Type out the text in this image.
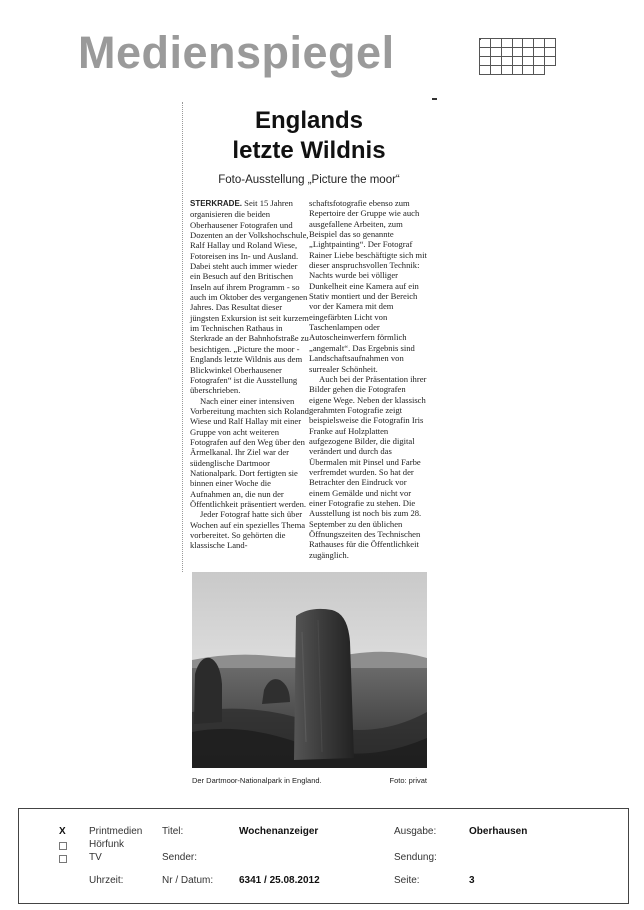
Medienspiegel
Englands
letzte Wildnis
Foto-Ausstellung „Picture the moor“

STERKRADE. Seit 15 Jahren organisieren die beiden Oberhausener Fotografen und Dozenten an der Volkshochschule, Ralf Hallay und Roland Wiese, Fotoreisen ins In- und Ausland. Dabei steht auch immer wieder ein Besuch auf den Britischen Inseln auf ihrem Programm - so auch im Oktober des vergangenen Jahres. Das Resultat dieser jüngsten Exkursion ist seit kurzem im Technischen Rathaus in Sterkrade an der Bahnhofstraße zu besichtigen. „Picture the moor - Englands letzte Wildnis aus dem Blickwinkel Oberhausener Fotografen“ ist die Ausstellung überschrieben.

Nach einer einer intensiven Vorbereitung machten sich Roland Wiese und Ralf Hallay mit einer Gruppe von acht weiteren Fotografen auf den Weg über den Ärmelkanal. Ihr Ziel war der südenglische Dartmoor Nationalpark. Dort fertigten sie binnen einer Woche die Aufnahmen an, die nun der Öffentlichkeit präsentiert werden.

Jeder Fotograf hatte sich über Wochen auf ein spezielles Thema vorbereitet. So gehörten die klassische Land-

schaftsfotografie ebenso zum Repertoire der Gruppe wie auch ausgefallene Arbeiten, zum Beispiel das so genannte „Lightpainting“. Der Fotograf Rainer Liebe beschäftigte sich mit dieser anspruchsvollen Technik: Nachts wurde bei völliger Dunkelheit eine Kamera auf ein Stativ montiert und der Bereich vor der Kamera mit dem eingefärbten Licht von Taschenlampen oder Autoscheinwerfern förmlich „angemalt“. Das Ergebnis sind Landschaftsaufnahmen von surrealer Schönheit.

Auch bei der Präsentation ihrer Bilder gehen die Fotografen eigene Wege. Neben der klassisch gerahmten Fotografie zeigt beispielsweise die Fotografin Iris Franke auf Holzplatten aufgezogene Bilder, die digital verändert und durch das Übermalen mit Pinsel und Farbe verfremdet wurden. So hat der Betrachter den Eindruck vor einem Gemälde und nicht vor einer Fotografie zu stehen. Die Ausstellung ist noch bis zum 28. September zu den üblichen Öffnungszeiten des Technischen Rathauses für die Öffentlichkeit zugänglich.

Der Dartmoor-Nationalpark in England.	Foto: privat
X Printmedien
Hörfunk
TV
Uhrzeit:
Titel:	Wochenanzeiger
Sender:
Nr / Datum:	6341 / 25.08.2012
Ausgabe:	Oberhausen
Sendung:
Seite:	3
